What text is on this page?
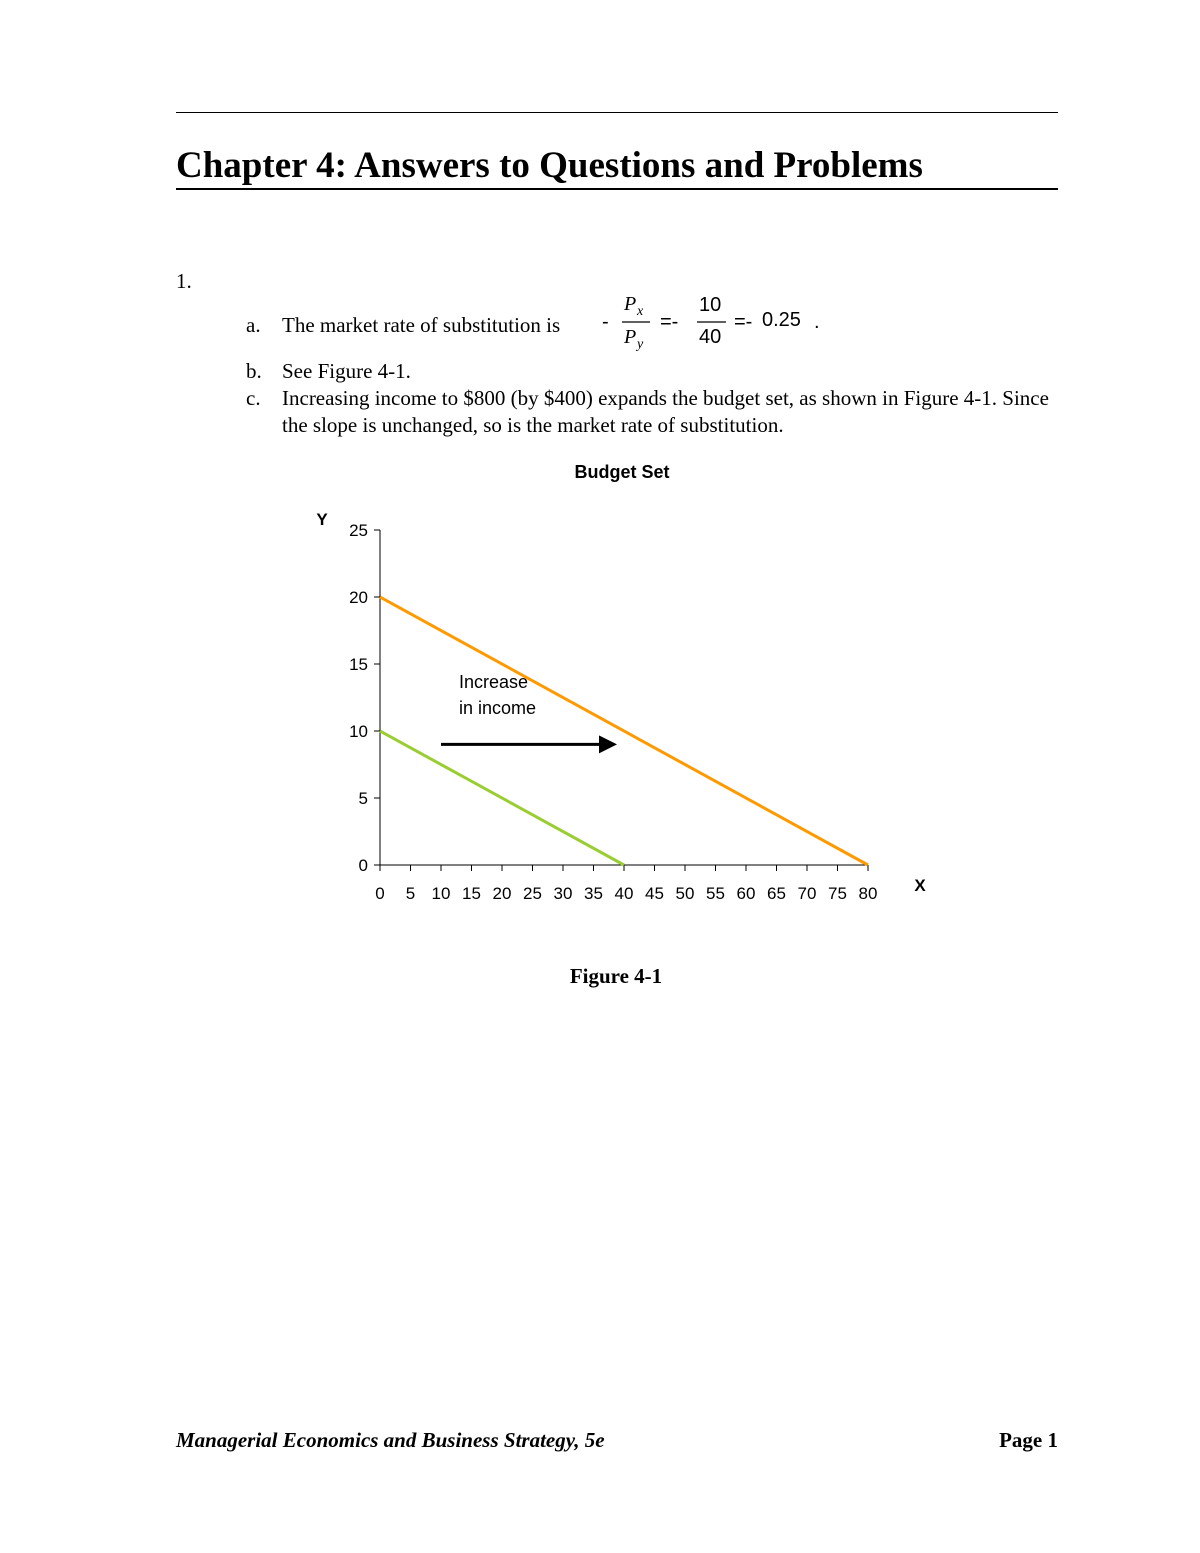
Chapter 4: Answers to Questions and Problems
1.
a. The market rate of substitution is	-
P x
P y
=-
10
40
=- 0.25 .
b. See Figure 4-1.
c. Increasing income to $800 (by $400) expands the budget set, as shown in Figure 4-1. Since the slope is unchanged, so is the market rate of substitution.
Budget Set
Y
X
0
5
10
15
20
25
0 5 10 15 20 25 30 35 40 45 50 55 60 65 70 75 80
Increase
in income
Figure 4-1
Managerial Economics and Business Strategy, 5e	Page 1
